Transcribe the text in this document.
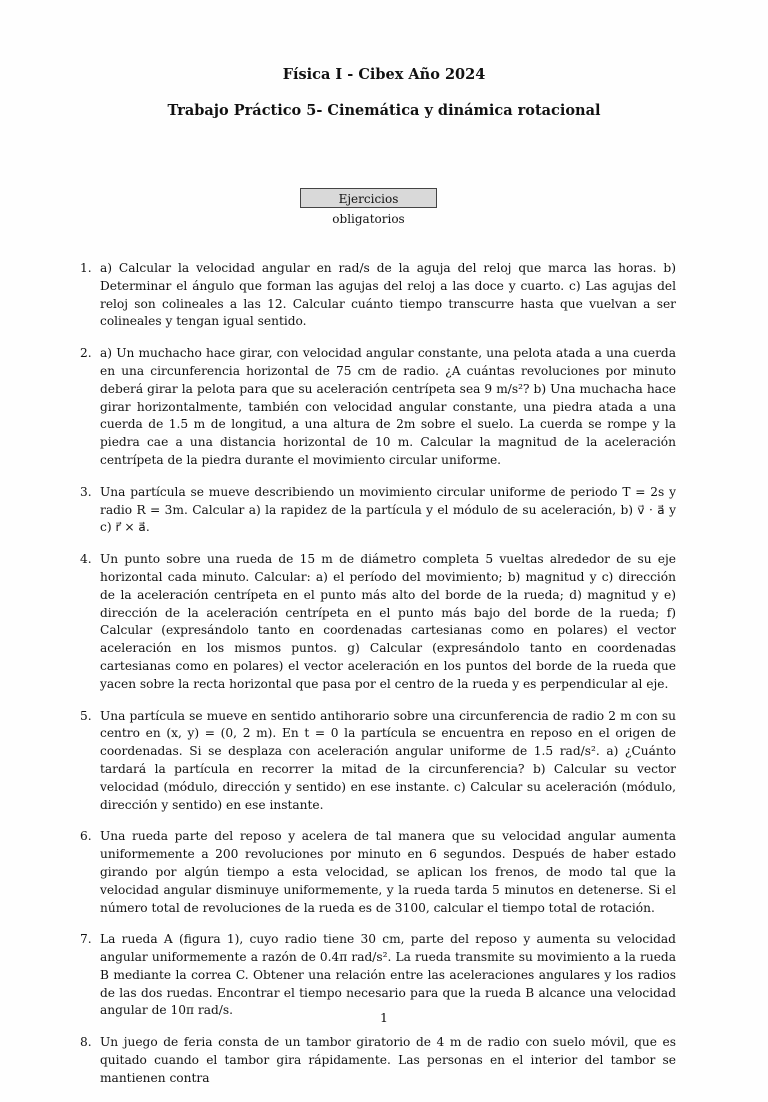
Física I - Cibex Año 2024
Trabajo Práctico 5- Cinemática y dinámica rotacional
Ejercicios obligatorios
1. a) Calcular la velocidad angular en rad/s de la aguja del reloj que marca las horas. b) Determinar el ángulo que forman las agujas del reloj a las doce y cuarto. c) Las agujas del reloj son colineales a las 12. Calcular cuánto tiempo transcurre hasta que vuelvan a ser colineales y tengan igual sentido.
2. a) Un muchacho hace girar, con velocidad angular constante, una pelota atada a una cuerda en una circunferencia horizontal de 75 cm de radio. ¿A cuántas revoluciones por minuto deberá girar la pelota para que su aceleración centrípeta sea 9 m/s²? b) Una muchacha hace girar horizontalmente, también con velocidad angular constante, una piedra atada a una cuerda de 1.5 m de longitud, a una altura de 2m sobre el suelo. La cuerda se rompe y la piedra cae a una distancia horizontal de 10 m. Calcular la magnitud de la aceleración centrípeta de la piedra durante el movimiento circular uniforme.
3. Una partícula se mueve describiendo un movimiento circular uniforme de periodo T = 2s y radio R = 3m. Calcular a) la rapidez de la partícula y el módulo de su aceleración, b) v⃗ · a⃗ y c) r⃗ × a⃗.
4. Un punto sobre una rueda de 15 m de diámetro completa 5 vueltas alrededor de su eje horizontal cada minuto. Calcular: a) el período del movimiento; b) magnitud y c) dirección de la aceleración centrípeta en el punto más alto del borde de la rueda; d) magnitud y e) dirección de la aceleración centrípeta en el punto más bajo del borde de la rueda; f) Calcular (expresándolo tanto en coordenadas cartesianas como en polares) el vector aceleración en los mismos puntos. g) Calcular (expresándolo tanto en coordenadas cartesianas como en polares) el vector aceleración en los puntos del borde de la rueda que yacen sobre la recta horizontal que pasa por el centro de la rueda y es perpendicular al eje.
5. Una partícula se mueve en sentido antihorario sobre una circunferencia de radio 2 m con su centro en (x, y) = (0, 2 m). En t = 0 la partícula se encuentra en reposo en el origen de coordenadas. Si se desplaza con aceleración angular uniforme de 1.5 rad/s². a) ¿Cuánto tardará la partícula en recorrer la mitad de la circunferencia? b) Calcular su vector velocidad (módulo, dirección y sentido) en ese instante. c) Calcular su aceleración (módulo, dirección y sentido) en ese instante.
6. Una rueda parte del reposo y acelera de tal manera que su velocidad angular aumenta uniformemente a 200 revoluciones por minuto en 6 segundos. Después de haber estado girando por algún tiempo a esta velocidad, se aplican los frenos, de modo tal que la velocidad angular disminuye uniformemente, y la rueda tarda 5 minutos en detenerse. Si el número total de revoluciones de la rueda es de 3100, calcular el tiempo total de rotación.
7. La rueda A (figura 1), cuyo radio tiene 30 cm, parte del reposo y aumenta su velocidad angular uniformemente a razón de 0.4π rad/s². La rueda transmite su movimiento a la rueda B mediante la correa C. Obtener una relación entre las aceleraciones angulares y los radios de las dos ruedas. Encontrar el tiempo necesario para que la rueda B alcance una velocidad angular de 10π rad/s.
8. Un juego de feria consta de un tambor giratorio de 4 m de radio con suelo móvil, que es quitado cuando el tambor gira rápidamente. Las personas en el interior del tambor se mantienen contra
1
